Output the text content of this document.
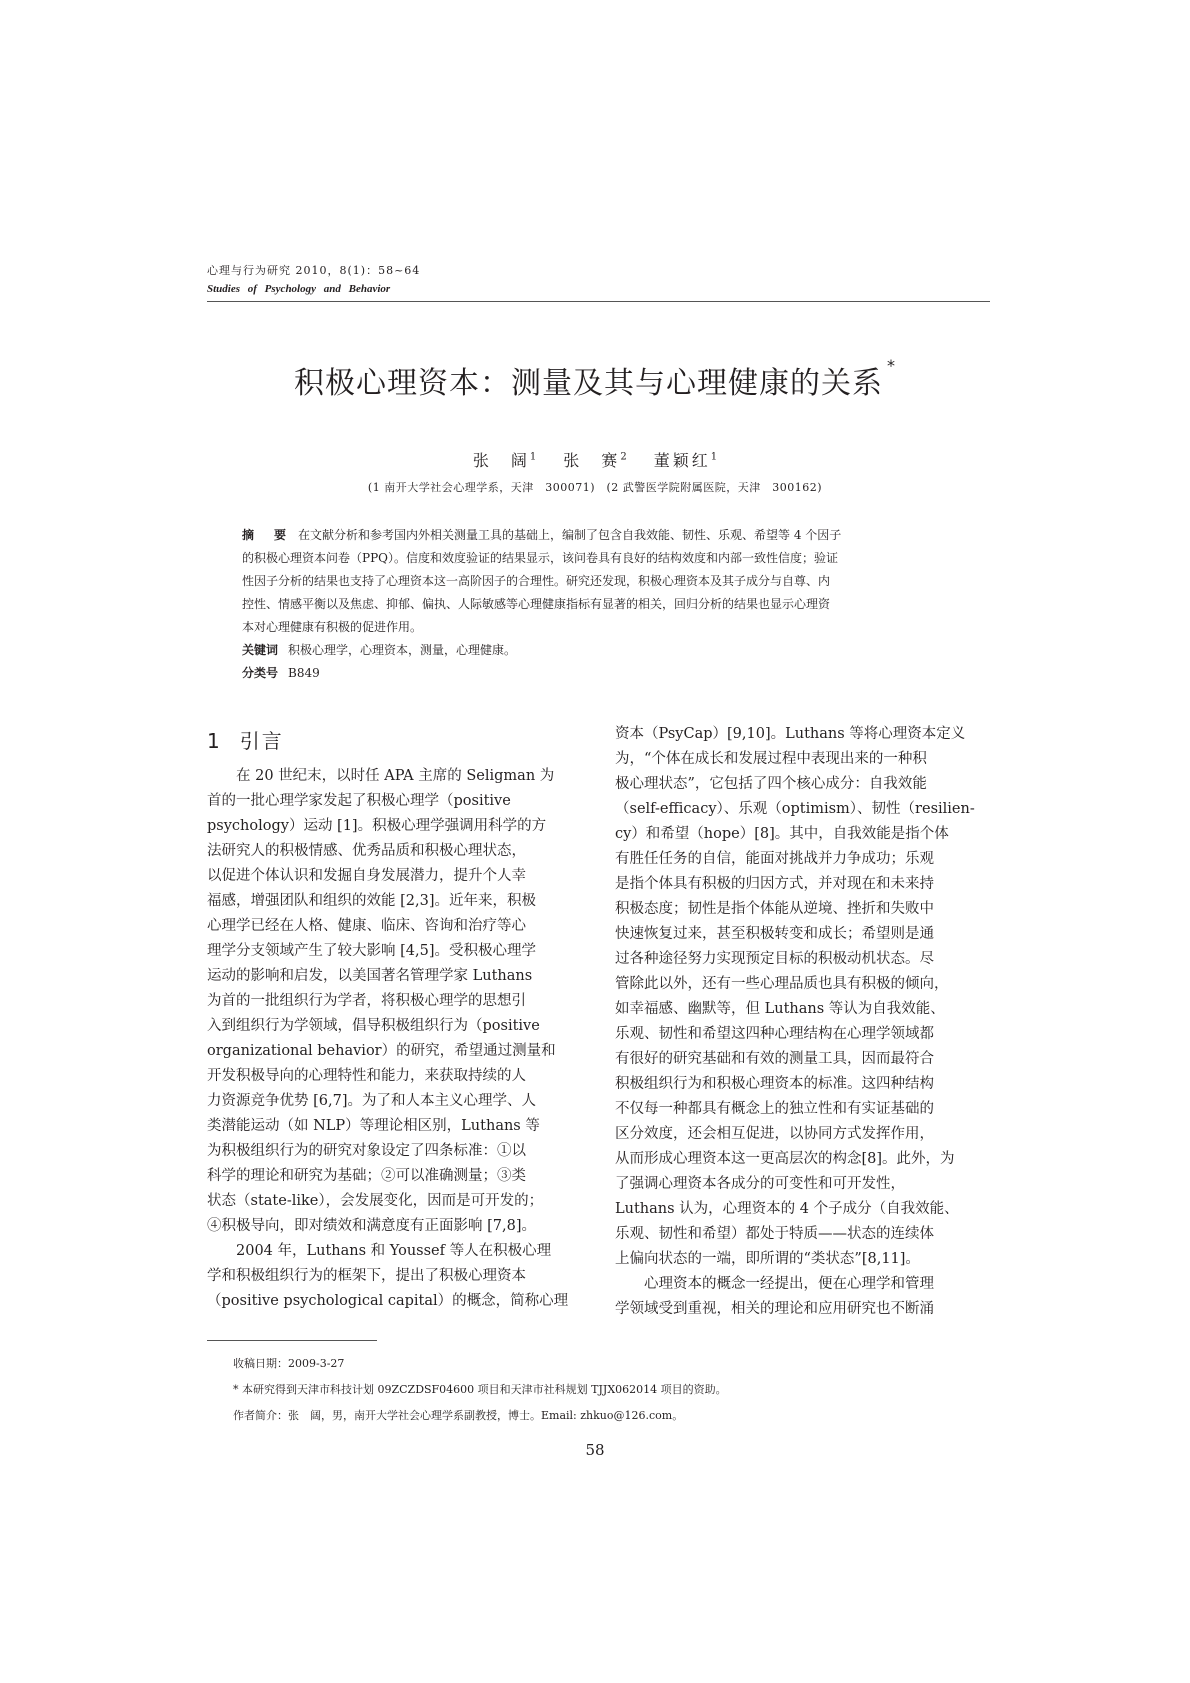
心理与行为研究 2010，8(1)：58~64
Studies of Psychology and Behavior
积极心理资本：测量及其与心理健康的关系*
张　阔$^1$　 张　赛$^2$　 董颖红$^1$
(1 南开大学社会心理学系，天津　300071)　(2 武警医学院附属医院，天津　300162)
摘　要 在文献分析和参考国内外相关测量工具的基础上，编制了包含自我效能、韧性、乐观、希望等 4 个因子
的积极心理资本问卷（PPQ）。信度和效度验证的结果显示，该问卷具有良好的结构效度和内部一致性信度；验证
性因子分析的结果也支持了心理资本这一高阶因子的合理性。研究还发现，积极心理资本及其子成分与自尊、内
控性、情感平衡以及焦虑、抑郁、偏执、人际敏感等心理健康指标有显著的相关，回归分析的结果也显示心理资
本对心理健康有积极的促进作用。
关键词 积极心理学，心理资本，测量，心理健康。
分类号 B849
1 引言
　　在 20 世纪末，以时任 APA 主席的 Seligman 为
首的一批心理学家发起了积极心理学（positive
psychology）运动 [1]。积极心理学强调用科学的方
法研究人的积极情感、优秀品质和积极心理状态，
以促进个体认识和发掘自身发展潜力，提升个人幸
福感，增强团队和组织的效能 [2,3]。近年来，积极
心理学已经在人格、健康、临床、咨询和治疗等心
理学分支领域产生了较大影响 [4,5]。受积极心理学
运动的影响和启发，以美国著名管理学家 Luthans
为首的一批组织行为学者，将积极心理学的思想引
入到组织行为学领域，倡导积极组织行为（positive
organizational behavior）的研究，希望通过测量和
开发积极导向的心理特性和能力，来获取持续的人
力资源竞争优势 [6,7]。为了和人本主义心理学、人
类潜能运动（如 NLP）等理论相区别，Luthans 等
为积极组织行为的研究对象设定了四条标准：①以
科学的理论和研究为基础；②可以准确测量；③类
状态（state-like），会发展变化，因而是可开发的；
④积极导向，即对绩效和满意度有正面影响 [7,8]。
　　2004 年，Luthans 和 Youssef 等人在积极心理
学和积极组织行为的框架下，提出了积极心理资本
（positive psychological capital）的概念，简称心理
资本（PsyCap）[9,10]。Luthans 等将心理资本定义
为，“个体在成长和发展过程中表现出来的一种积
极心理状态”，它包括了四个核心成分：自我效能
（self-efficacy）、乐观（optimism）、韧性（resilien-
cy）和希望（hope）[8]。其中，自我效能是指个体
有胜任任务的自信，能面对挑战并力争成功；乐观
是指个体具有积极的归因方式，并对现在和未来持
积极态度；韧性是指个体能从逆境、挫折和失败中
快速恢复过来，甚至积极转变和成长；希望则是通
过各种途径努力实现预定目标的积极动机状态。尽
管除此以外，还有一些心理品质也具有积极的倾向，
如幸福感、幽默等，但 Luthans 等认为自我效能、
乐观、韧性和希望这四种心理结构在心理学领域都
有很好的研究基础和有效的测量工具，因而最符合
积极组织行为和积极心理资本的标准。这四种结构
不仅每一种都具有概念上的独立性和有实证基础的
区分效度，还会相互促进，以协同方式发挥作用，
从而形成心理资本这一更高层次的构念[8]。此外，为
了强调心理资本各成分的可变性和可开发性，
Luthans 认为，心理资本的 4 个子成分（自我效能、
乐观、韧性和希望）都处于特质——状态的连续体
上偏向状态的一端，即所谓的“类状态”[8,11]。
　　心理资本的概念一经提出，便在心理学和管理
学领域受到重视，相关的理论和应用研究也不断涌
收稿日期：2009-3-27
* 本研究得到天津市科技计划 09ZCZDSF04600 项目和天津市社科规划 TJJX062014 项目的资助。
作者简介：张　阔，男，南开大学社会心理学系副教授，博士。Email: zhkuo@126.com。
58
